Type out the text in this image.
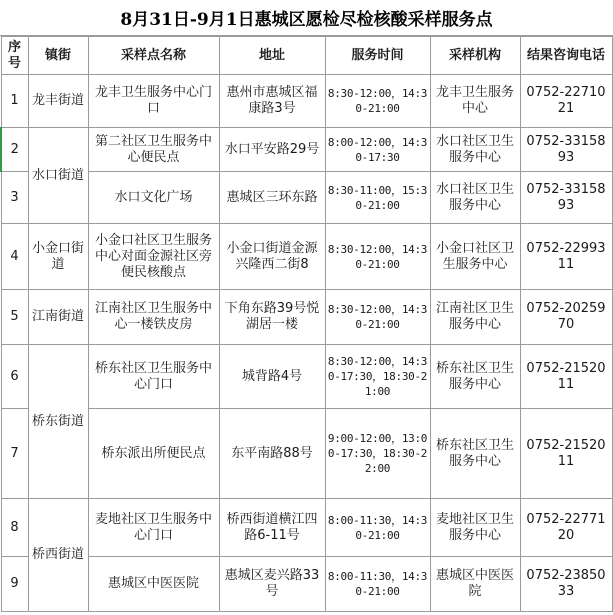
8月31日-9月1日惠城区愿检尽检核酸采样服务点
序号	镇街	采样点名称	地址	服务时间	采样机构	结果咨询电话
1	龙丰街道	龙丰卫生服务中心门口	惠州市惠城区福康路3号	8:30-12:00，14:30-21:00	龙丰卫生服务中心	0752-2271021
2	水口街道	第二社区卫生服务中心便民点	水口平安路29号	8:00-12:00，14:30-17:30	水口社区卫生服务中心	0752-3315893
3		水口文化广场	惠城区三环东路	8:30-11:00，15:30-21:00	水口社区卫生服务中心	0752-3315893
4	小金口街道	小金口社区卫生服务中心对面金源社区旁便民核酸点	小金口街道金源兴隆西二街8	8:30-12:00，14:30-21:00	小金口社区卫生服务中心	0752-2299311
5	江南街道	江南社区卫生服务中心一楼铁皮房	下角东路39号悦湖居一楼	8:30-12:00，14:30-21:00	江南社区卫生服务中心	0752-2025970
6	桥东街道	桥东社区卫生服务中心门口	城背路4号	8:30-12:00，14:30-17:30，18:30-21:00	桥东社区卫生服务中心	0752-2152011
7		桥东派出所便民点	东平南路88号	9:00-12:00，13:00-17:30，18:30-22:00	桥东社区卫生服务中心	0752-2152011
8	桥西街道	麦地社区卫生服务中心门口	桥西街道横江四路6-11号	8:00-11:30，14:30-21:00	麦地社区卫生服务中心	0752-2277120
9		惠城区中医医院	惠城区麦兴路33号	8:00-11:30，14:30-21:00	惠城区中医医院	0752-2385033
